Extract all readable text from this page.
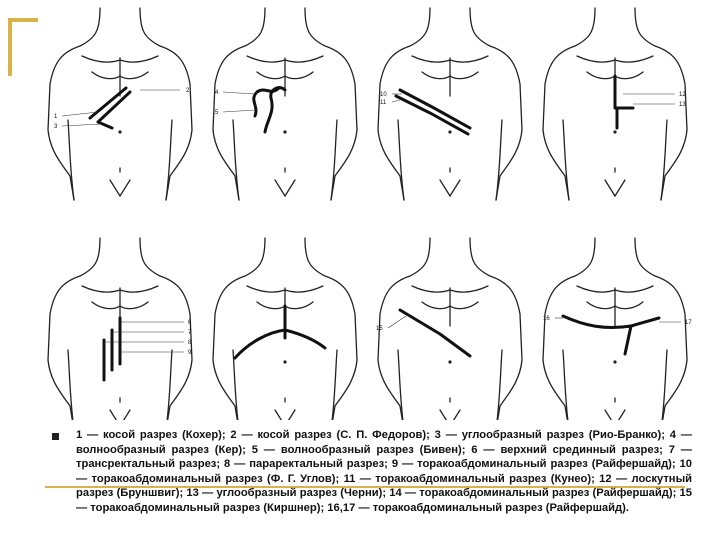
1
2
3
4
5
10
11
12
13
6
7
8
9
15
16
17
1 — косой разрез (Кохер); 2 — косой разрез (С. П. Федоров); 3 — углообразный разрез (Рио-Бранко); 4 — волнообразный разрез (Кер); 5 — волнообразный разрез (Бивен); 6 — верхний срединный разрез; 7 — трансректальный разрез; 8 — параректальный разрез; 9 — торакоабдоминальный разрез (Райфершайд); 10 — торакоабдоминальный разрез (Ф. Г. Углов); 11 — торакоабдоминальный разрез (Кунео); 12 — лоскутный разрез (Бруншвиг); 13 — углообразный разрез (Черни); 14 — торакоабдоминальный разрез (Райфершайд); 15 — торакоабдоминальный разрез (Киршнер); 16,17 — торакоабдоминальный разрез (Райфершайд).
